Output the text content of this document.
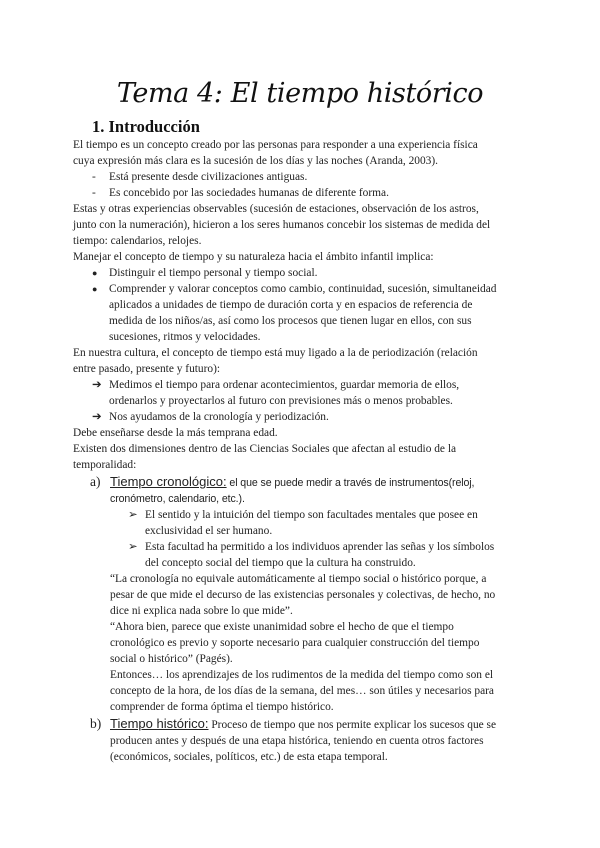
Tema 4: El tiempo histórico
1. Introducción
El tiempo es un concepto creado por las personas para responder a una experiencia física
cuya expresión más clara es la sucesión de los días y las noches (Aranda, 2003).
- Está presente desde civilizaciones antiguas.
- Es concebido por las sociedades humanas de diferente forma.
Estas y otras experiencias observables (sucesión de estaciones, observación de los astros,
junto con la numeración), hicieron a los seres humanos concebir los sistemas de medida del
tiempo: calendarios, relojes.
Manejar el concepto de tiempo y su naturaleza hacia el ámbito infantil implica:
● Distinguir el tiempo personal y tiempo social.
● Comprender y valorar conceptos como cambio, continuidad, sucesión, simultaneidad
aplicados a unidades de tiempo de duración corta y en espacios de referencia de
medida de los niños/as, así como los procesos que tienen lugar en ellos, con sus
sucesiones, ritmos y velocidades.
En nuestra cultura, el concepto de tiempo está muy ligado a la de periodización (relación
entre pasado, presente y futuro):
➔ Medimos el tiempo para ordenar acontecimientos, guardar memoria de ellos,
ordenarlos y proyectarlos al futuro con previsiones más o menos probables.
➔ Nos ayudamos de la cronología y periodización.
Debe enseñarse desde la más temprana edad.
Existen dos dimensiones dentro de las Ciencias Sociales que afectan al estudio de la
temporalidad:
a) Tiempo cronológico: el que se puede medir a través de instrumentos(reloj,
cronómetro, calendario, etc.).
➢ El sentido y la intuición del tiempo son facultades mentales que posee en
exclusividad el ser humano.
➢ Esta facultad ha permitido a los individuos aprender las señas y los símbolos
del concepto social del tiempo que la cultura ha construido.
“La cronología no equivale automáticamente al tiempo social o histórico porque, a
pesar de que mide el decurso de las existencias personales y colectivas, de hecho, no
dice ni explica nada sobre lo que mide”.
“Ahora bien, parece que existe unanimidad sobre el hecho de que el tiempo
cronológico es previo y soporte necesario para cualquier construcción del tiempo
social o histórico” (Pagés).
Entonces… los aprendizajes de los rudimentos de la medida del tiempo como son el
concepto de la hora, de los días de la semana, del mes… son útiles y necesarios para
comprender de forma óptima el tiempo histórico.
b) Tiempo histórico: Proceso de tiempo que nos permite explicar los sucesos que se
producen antes y después de una etapa histórica, teniendo en cuenta otros factores
(económicos, sociales, políticos, etc.) de esta etapa temporal.
